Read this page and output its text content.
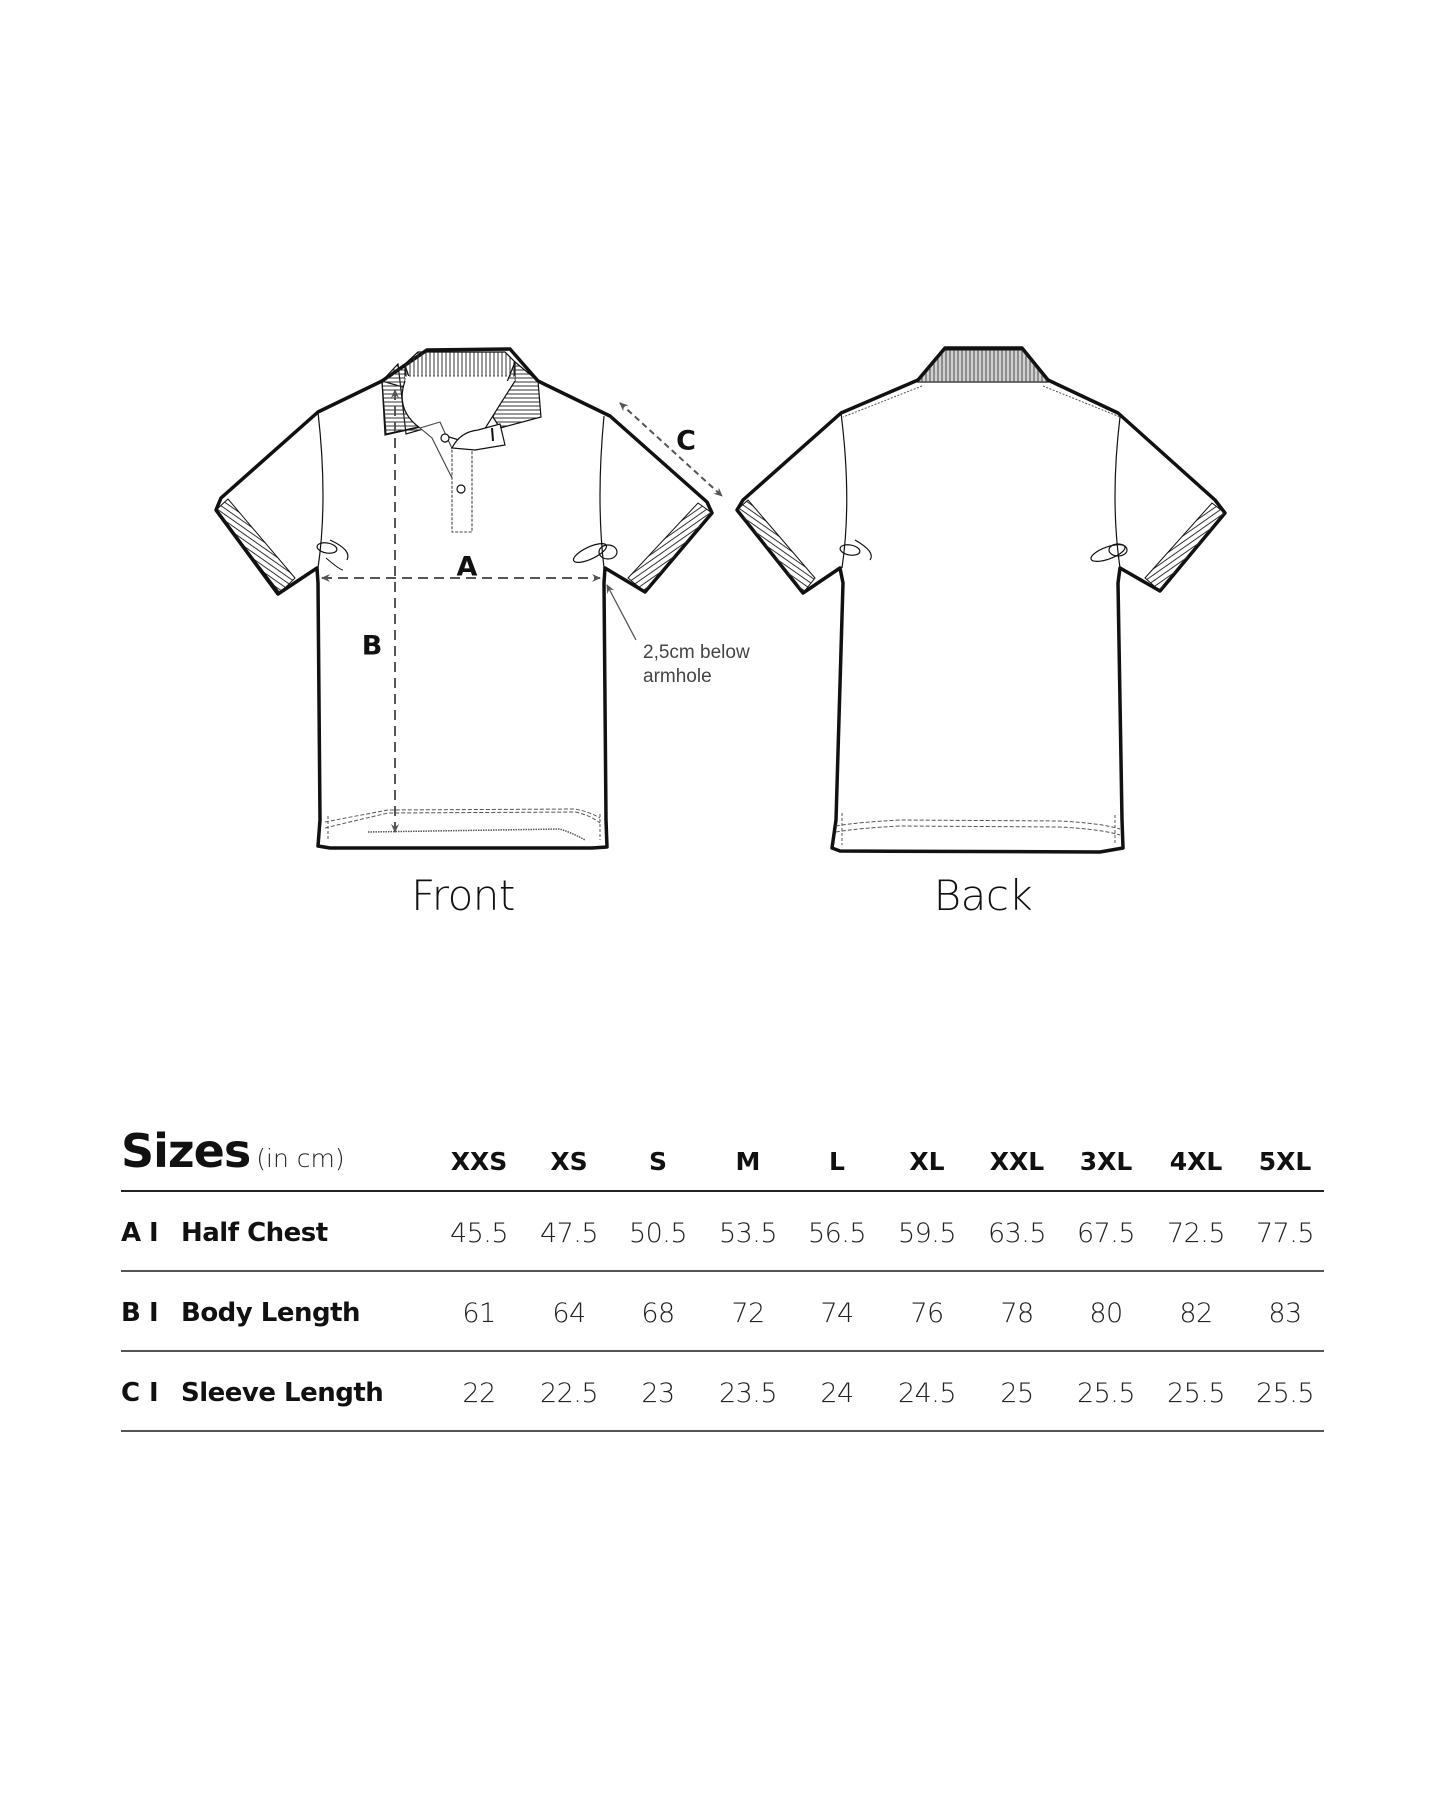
A
B
C
2,5cm below
armhole
Front	Back
Sizes (in cm)	XXS	XS	S	M	L	XL	XXL	3XL	4XL	5XL
A I Half Chest	45.5	47.5	50.5	53.5	56.5	59.5	63.5	67.5	72.5	77.5
B I Body Length	61	64	68	72	74	76	78	80	82	83
C I Sleeve Length	22	22.5	23	23.5	24	24.5	25	25.5	25.5	25.5
